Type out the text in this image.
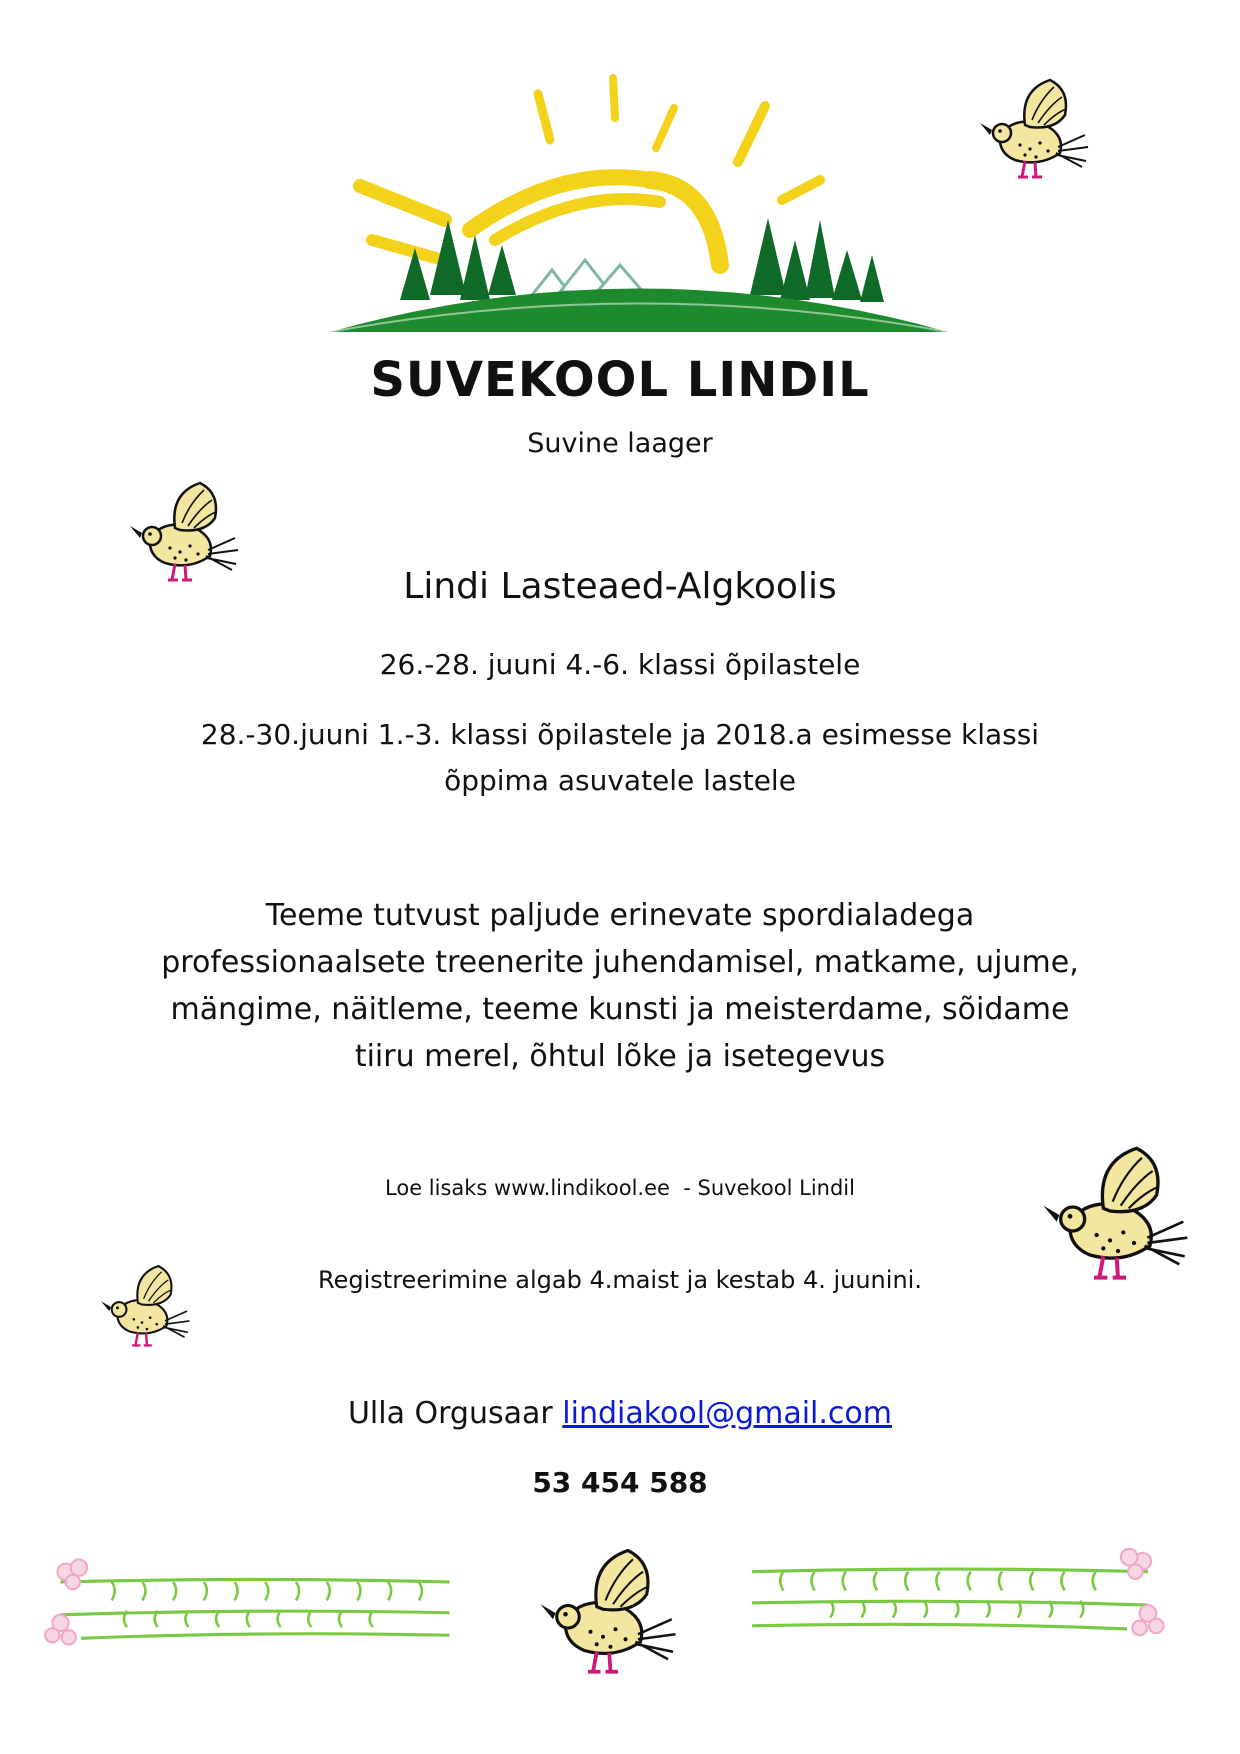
SUVEKOOL LINDIL
Suvine laager
Lindi Lasteaed-Algkoolis
26.-28. juuni 4.-6. klassi õpilastele
28.-30.juuni 1.-3. klassi õpilastele ja 2018.a esimesse klassi
õppima asuvatele lastele
Teeme tutvust paljude erinevate spordialadega
professionaalsete treenerite juhendamisel, matkame, ujume,
mängime, näitleme, teeme kunsti ja meisterdame, sõidame
tiiru merel, õhtul lõke ja isetegevus
Loe lisaks www.lindikool.ee  - Suvekool Lindil
Registreerimine algab 4.maist ja kestab 4. juunini.
Ulla Orgusaar lindiakool@gmail.com
53 454 588
